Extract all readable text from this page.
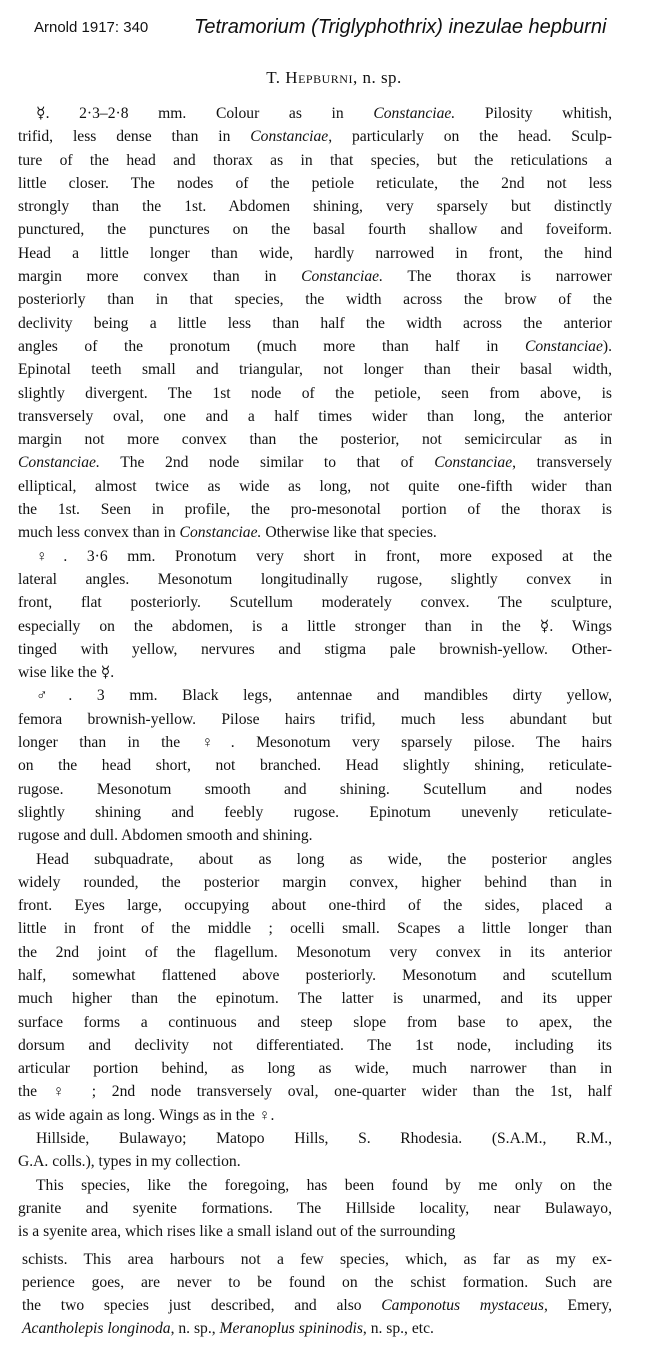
Arnold 1917: 340 Tetramorium (Triglyphothrix) inezulae hepburni
T. Hepburni, n. sp.
☿. 2·3–2·8 mm. Colour as in Constanciae. Pilosity whitish,
trifid, less dense than in Constanciae, particularly on the head. Sculp-
ture of the head and thorax as in that species, but the reticulations a
little closer. The nodes of the petiole reticulate, the 2nd not less
strongly than the 1st. Abdomen shining, very sparsely but distinctly
punctured, the punctures on the basal fourth shallow and foveiform.
Head a little longer than wide, hardly narrowed in front, the hind
margin more convex than in Constanciae. The thorax is narrower
posteriorly than in that species, the width across the brow of the
declivity being a little less than half the width across the anterior
angles of the pronotum (much more than half in Constanciae).
Epinotal teeth small and triangular, not longer than their basal width,
slightly divergent. The 1st node of the petiole, seen from above, is
transversely oval, one and a half times wider than long, the anterior
margin not more convex than the posterior, not semicircular as in
Constanciae. The 2nd node similar to that of Constanciae, transversely
elliptical, almost twice as wide as long, not quite one-fifth wider than
the 1st. Seen in profile, the pro-mesonotal portion of the thorax is
much less convex than in Constanciae. Otherwise like that species.
♀. 3·6 mm. Pronotum very short in front, more exposed at the
lateral angles. Mesonotum longitudinally rugose, slightly convex in
front, flat posteriorly. Scutellum moderately convex. The sculpture,
especially on the abdomen, is a little stronger than in the ☿. Wings
tinged with yellow, nervures and stigma pale brownish-yellow. Other-
wise like the ☿.
♂. 3 mm. Black legs, antennae and mandibles dirty yellow,
femora brownish-yellow. Pilose hairs trifid, much less abundant but
longer than in the ♀. Mesonotum very sparsely pilose. The hairs
on the head short, not branched. Head slightly shining, reticulate-
rugose. Mesonotum smooth and shining. Scutellum and nodes
slightly shining and feebly rugose. Epinotum unevenly reticulate-
rugose and dull. Abdomen smooth and shining.
Head subquadrate, about as long as wide, the posterior angles
widely rounded, the posterior margin convex, higher behind than in
front. Eyes large, occupying about one-third of the sides, placed a
little in front of the middle ; ocelli small. Scapes a little longer than
the 2nd joint of the flagellum. Mesonotum very convex in its anterior
half, somewhat flattened above posteriorly. Mesonotum and scutellum
much higher than the epinotum. The latter is unarmed, and its upper
surface forms a continuous and steep slope from base to apex, the
dorsum and declivity not differentiated. The 1st node, including its
articular portion behind, as long as wide, much narrower than in
the ♀ ; 2nd node transversely oval, one-quarter wider than the 1st, half
as wide again as long. Wings as in the ♀.
Hillside, Bulawayo; Matopo Hills, S. Rhodesia. (S.A.M., R.M.,
G.A. colls.), types in my collection.
This species, like the foregoing, has been found by me only on the
granite and syenite formations. The Hillside locality, near Bulawayo,
is a syenite area, which rises like a small island out of the surrounding
schists. This area harbours not a few species, which, as far as my ex-
perience goes, are never to be found on the schist formation. Such are
the two species just described, and also Camponotus mystaceus, Emery,
Acantholepis longinoda, n. sp., Meranoplus spininodis, n. sp., etc.
